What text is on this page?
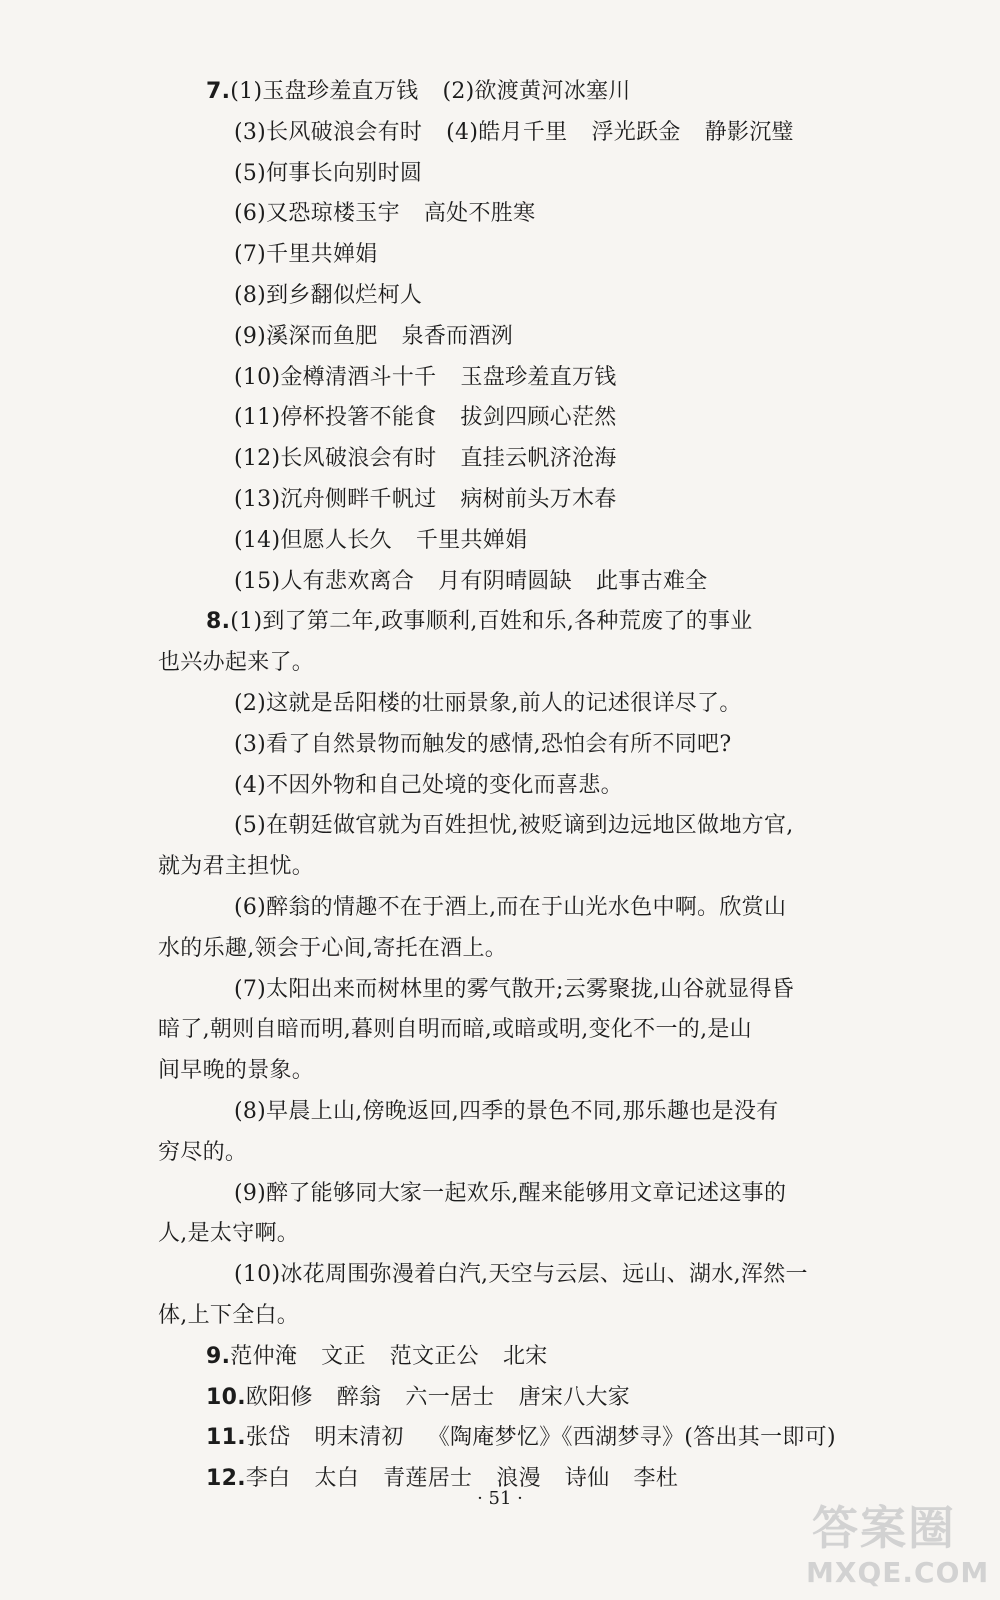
7.(1)玉盘珍羞直万钱 (2)欲渡黄河冰塞川
(3)长风破浪会有时 (4)皓月千里 浮光跃金 静影沉璧
(5)何事长向别时圆
(6)又恐琼楼玉宇 高处不胜寒
(7)千里共婵娟
(8)到乡翻似烂柯人
(9)溪深而鱼肥 泉香而酒洌
(10)金樽清酒斗十千 玉盘珍羞直万钱
(11)停杯投箸不能食 拔剑四顾心茫然
(12)长风破浪会有时 直挂云帆济沧海
(13)沉舟侧畔千帆过 病树前头万木春
(14)但愿人长久 千里共婵娟
(15)人有悲欢离合 月有阴晴圆缺 此事古难全
8.(1)到了第二年,政事顺利,百姓和乐,各种荒废了的事业
也兴办起来了。
(2)这就是岳阳楼的壮丽景象,前人的记述很详尽了。
(3)看了自然景物而触发的感情,恐怕会有所不同吧?
(4)不因外物和自己处境的变化而喜悲。
(5)在朝廷做官就为百姓担忧,被贬谪到边远地区做地方官,
就为君主担忧。
(6)醉翁的情趣不在于酒上,而在于山光水色中啊。欣赏山
水的乐趣,领会于心间,寄托在酒上。
(7)太阳出来而树林里的雾气散开;云雾聚拢,山谷就显得昏
暗了,朝则自暗而明,暮则自明而暗,或暗或明,变化不一的,是山
间早晚的景象。
(8)早晨上山,傍晚返回,四季的景色不同,那乐趣也是没有
穷尽的。
(9)醉了能够同大家一起欢乐,醒来能够用文章记述这事的
人,是太守啊。
(10)冰花周围弥漫着白汽,天空与云层、远山、湖水,浑然一
体,上下全白。
9.范仲淹 文正 范文正公 北宋
10.欧阳修 醉翁 六一居士 唐宋八大家
11.张岱 明末清初 《陶庵梦忆》《西湖梦寻》(答出其一即可)
12.李白 太白 青莲居士 浪漫 诗仙 李杜
· 51 ·
答案圈
MXQE.COM
